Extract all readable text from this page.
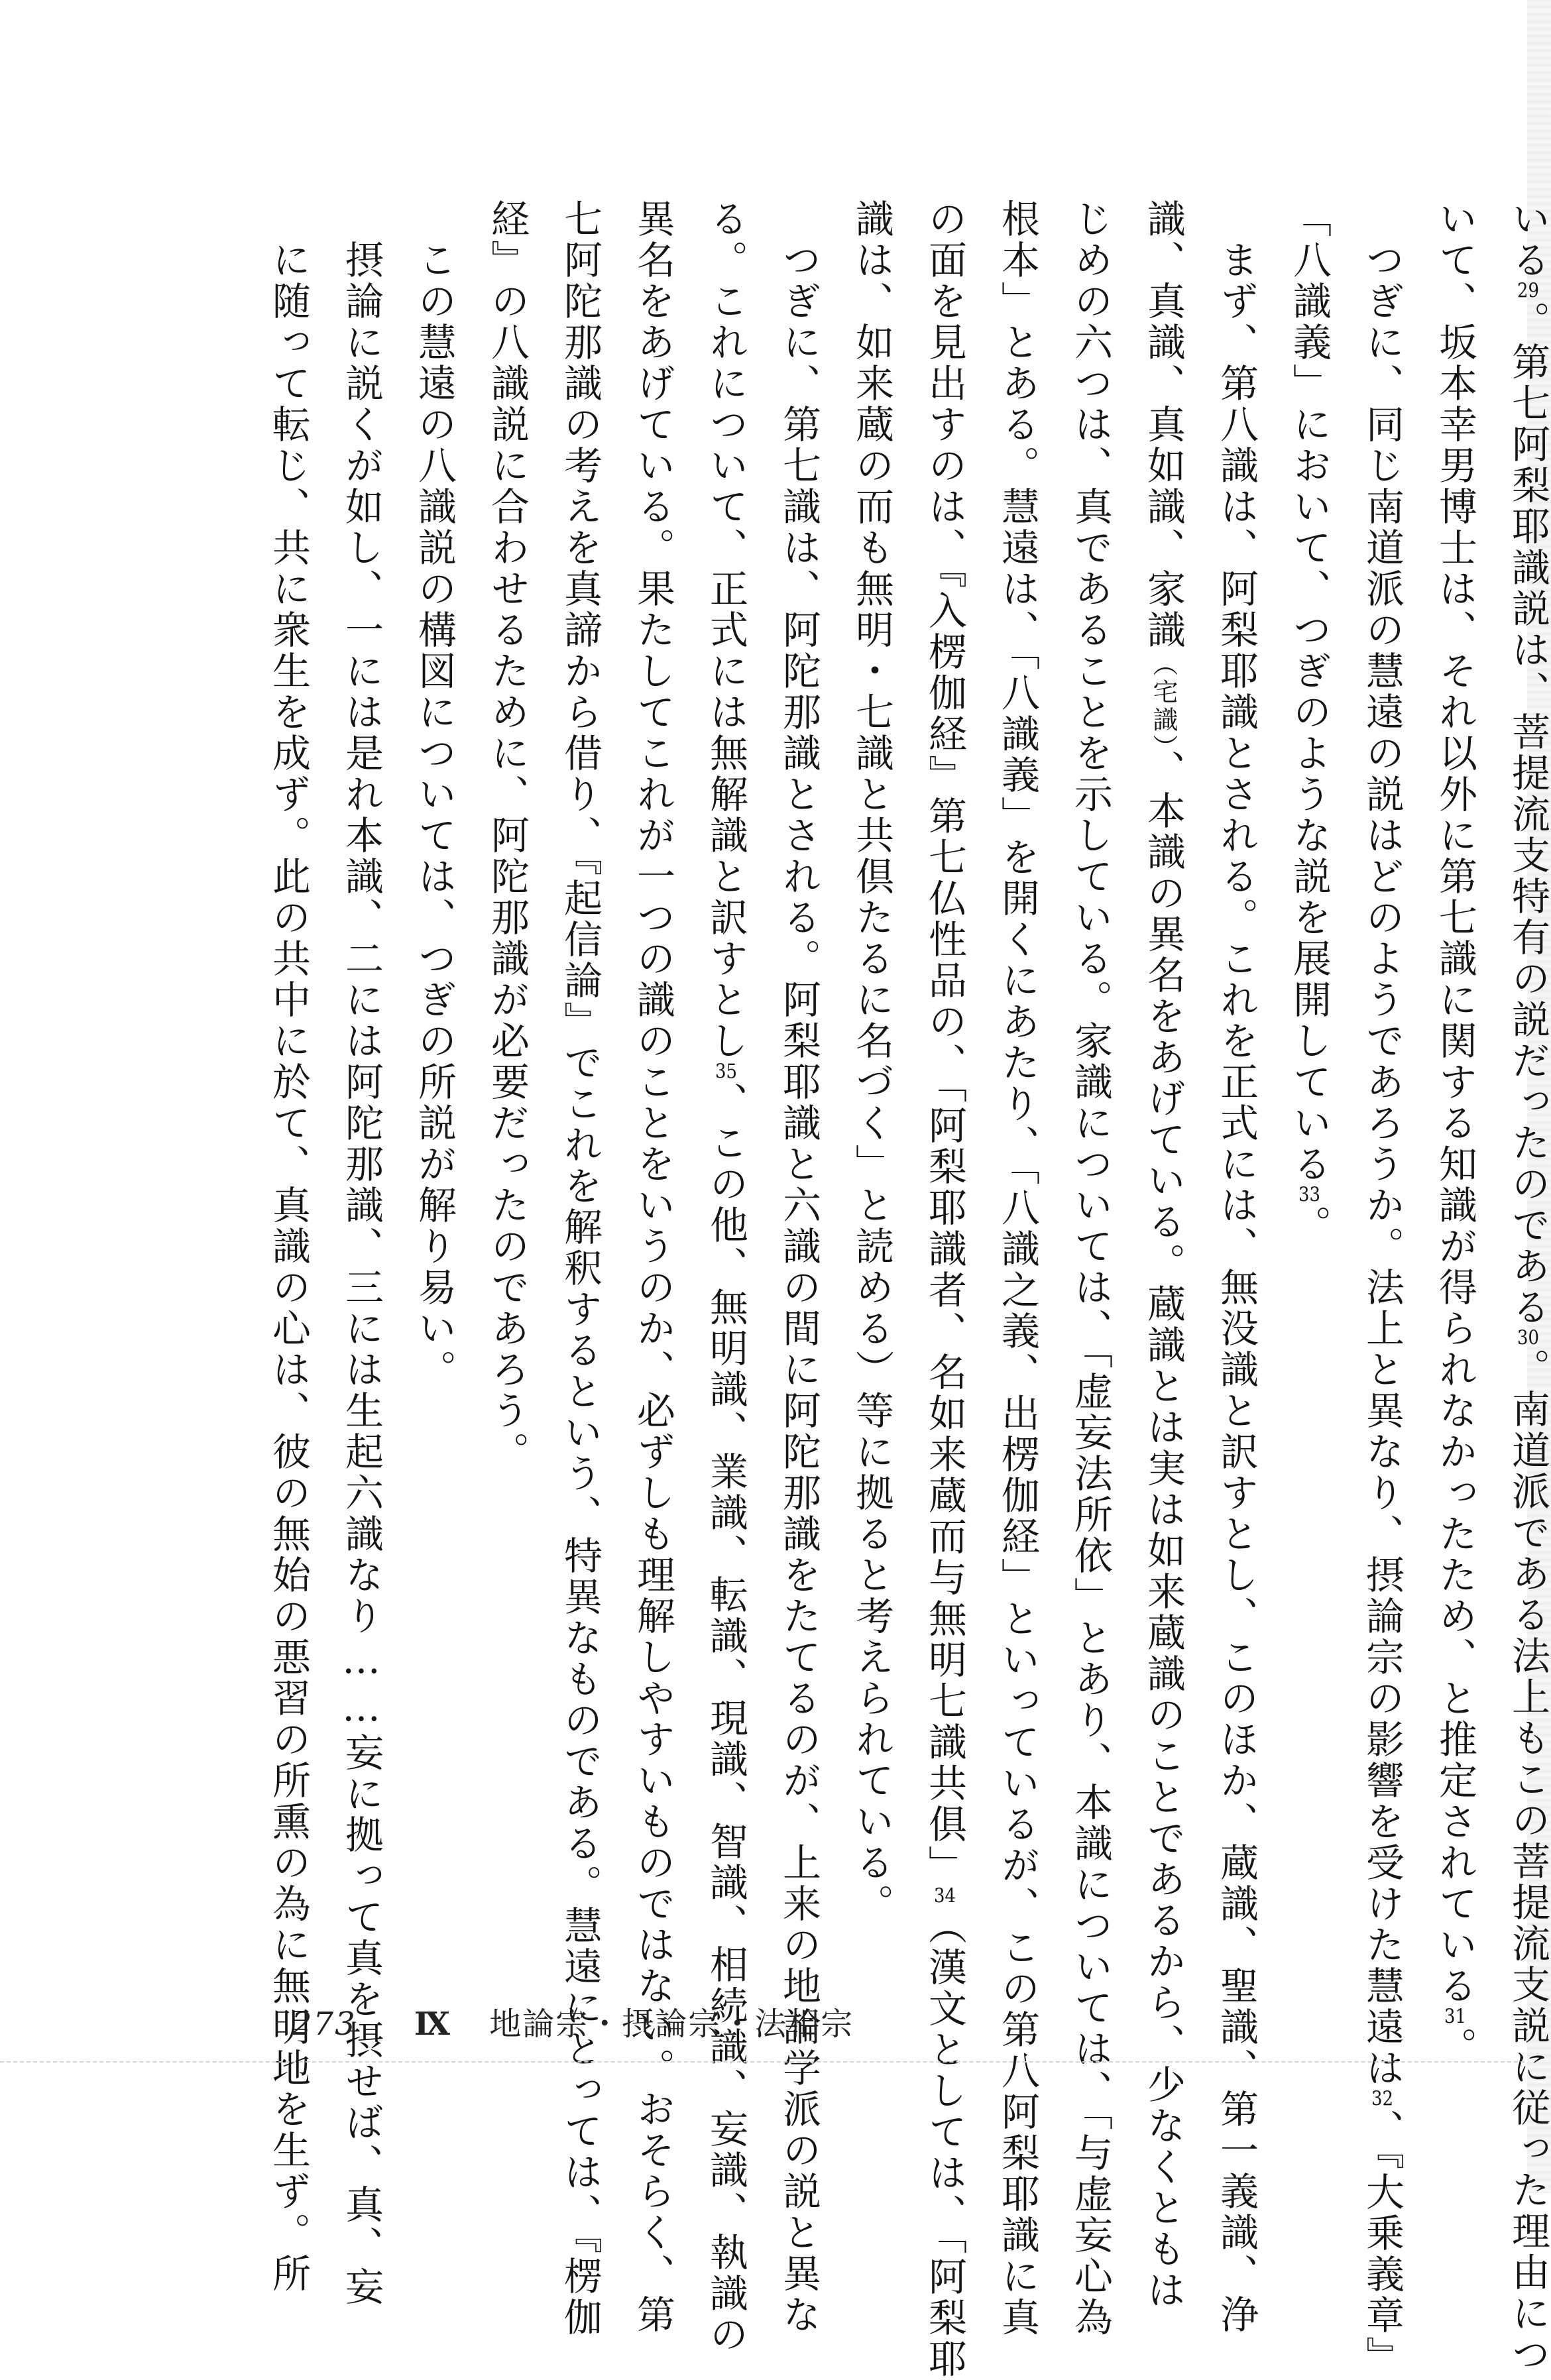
いる29。第七阿梨耶識説は、菩提流支特有の説だったのである30。南道派である法上もこの菩提流支説に従った理由につ
いて、坂本幸男博士は、それ以外に第七識に関する知識が得られなかったため、と推定されている31。
つぎに、同じ南道派の慧遠の説はどのようであろうか。法上と異なり、摂論宗の影響を受けた慧遠は32、『大乗義章』
「八識義」において、つぎのような説を展開している33。
まず、第八識は、阿梨耶識とされる。これを正式には、無没識と訳すとし、このほか、蔵識、聖識、第一義識、浄
識、真識、真如識、家識（宅識）、本識の異名をあげている。蔵識とは実は如来蔵識のことであるから、少なくともは
じめの六つは、真であることを示している。家識については、「虚妄法所依」とあり、本識については、「与虚妄心為
根本」とある。慧遠は、「八識義」を開くにあたり、「八識之義、出楞伽経」といっているが、この第八阿梨耶識に真
の面を見出すのは、『入楞伽経』第七仏性品の、「阿梨耶識者、名如来蔵而与無明七識共俱」34（漢文としては、「阿梨耶
識は、如来蔵の而も無明・七識と共倶たるに名づく」と読める）等に拠ると考えられている。
つぎに、第七識は、阿陀那識とされる。阿梨耶識と六識の間に阿陀那識をたてるのが、上来の地論学派の説と異な
る。これについて、正式には無解識と訳すとし35、この他、無明識、業識、転識、現識、智識、相続識、妄識、執識の
異名をあげている。果たしてこれが一つの識のことをいうのか、必ずしも理解しやすいものではない。おそらく、第
七阿陀那識の考えを真諦から借り、『起信論』でこれを解釈するという、特異なものである。慧遠にとっては、『楞伽
経』の八識説に合わせるために、阿陀那識が必要だったのであろう。
この慧遠の八識説の構図については、つぎの所説が解り易い。
摂論に説くが如し、一には是れ本識、二には阿陀那識、三には生起六識なり……妄に拠って真を摂せば、真、妄
に随って転じ、共に衆生を成ず。此の共中に於て、真識の心は、彼の無始の悪習の所熏の為に無明地を生ず。所
273 Ⅸ 地論宗・摂論宗・法相宗
